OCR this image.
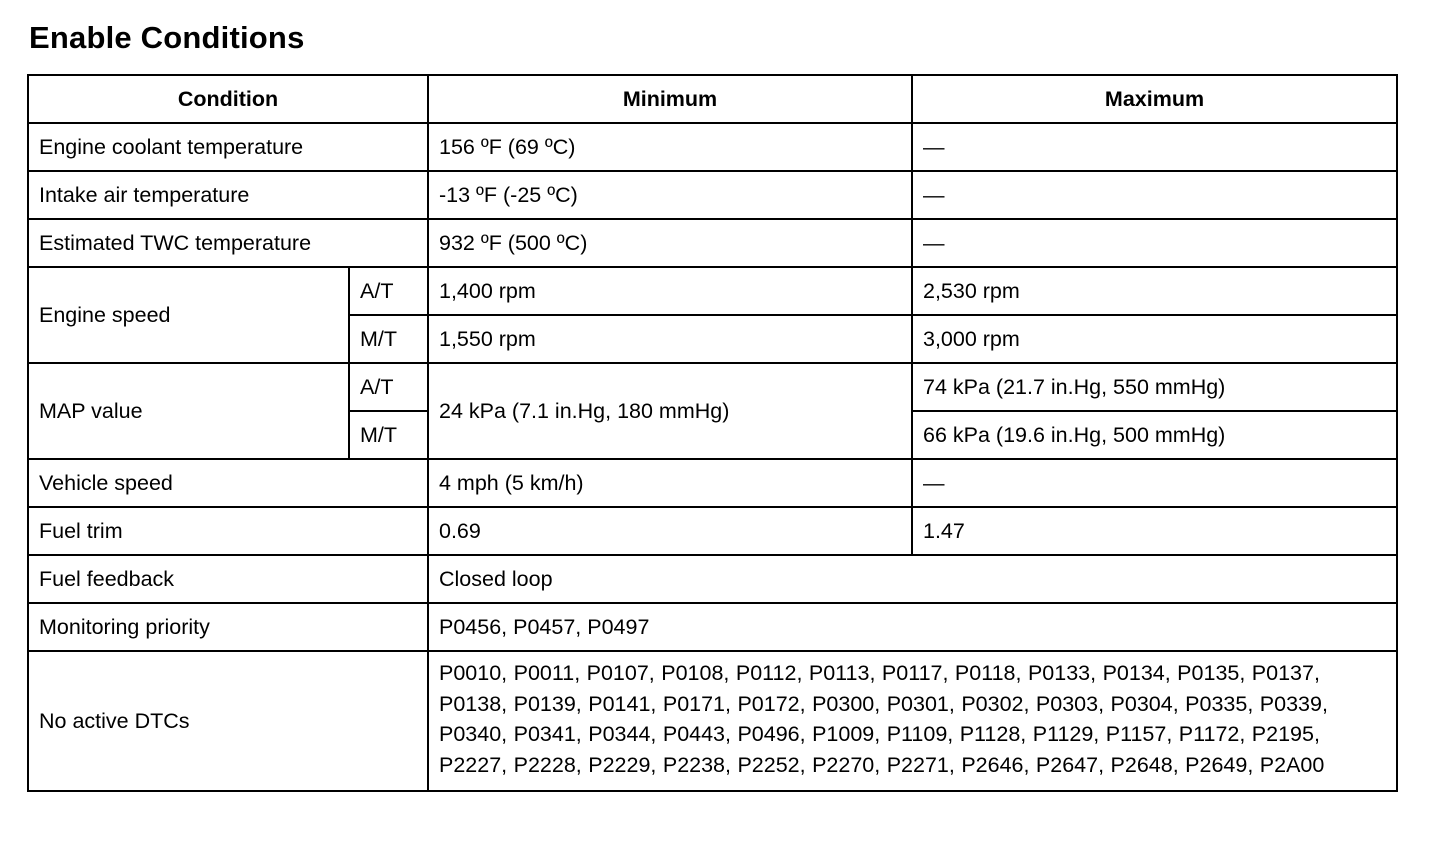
Enable Conditions
Condition		Minimum	Maximum
Engine coolant temperature		156 ºF (69 ºC)	—
Intake air temperature		-13 ºF (-25 ºC)	—
Estimated TWC temperature		932 ºF (500 ºC)	—
Engine speed	A/T	1,400 rpm	2,530 rpm
	M/T	1,550 rpm	3,000 rpm
MAP value	A/T	24 kPa (7.1 in.Hg, 180 mmHg)	74 kPa (21.7 in.Hg, 550 mmHg)
	M/T		66 kPa (19.6 in.Hg, 500 mmHg)
Vehicle speed		4 mph (5 km/h)	—
Fuel trim		0.69	1.47
Fuel feedback		Closed loop	
Monitoring priority		P0456, P0457, P0497	
No active DTCs		P0010, P0011, P0107, P0108, P0112, P0113, P0117, P0118, P0133, P0134, P0135, P0137, P0138, P0139, P0141, P0171, P0172, P0300, P0301, P0302, P0303, P0304, P0335, P0339, P0340, P0341, P0344, P0443, P0496, P1009, P1109, P1128, P1129, P1157, P1172, P2195, P2227, P2228, P2229, P2238, P2252, P2270, P2271, P2646, P2647, P2648, P2649, P2A00	
